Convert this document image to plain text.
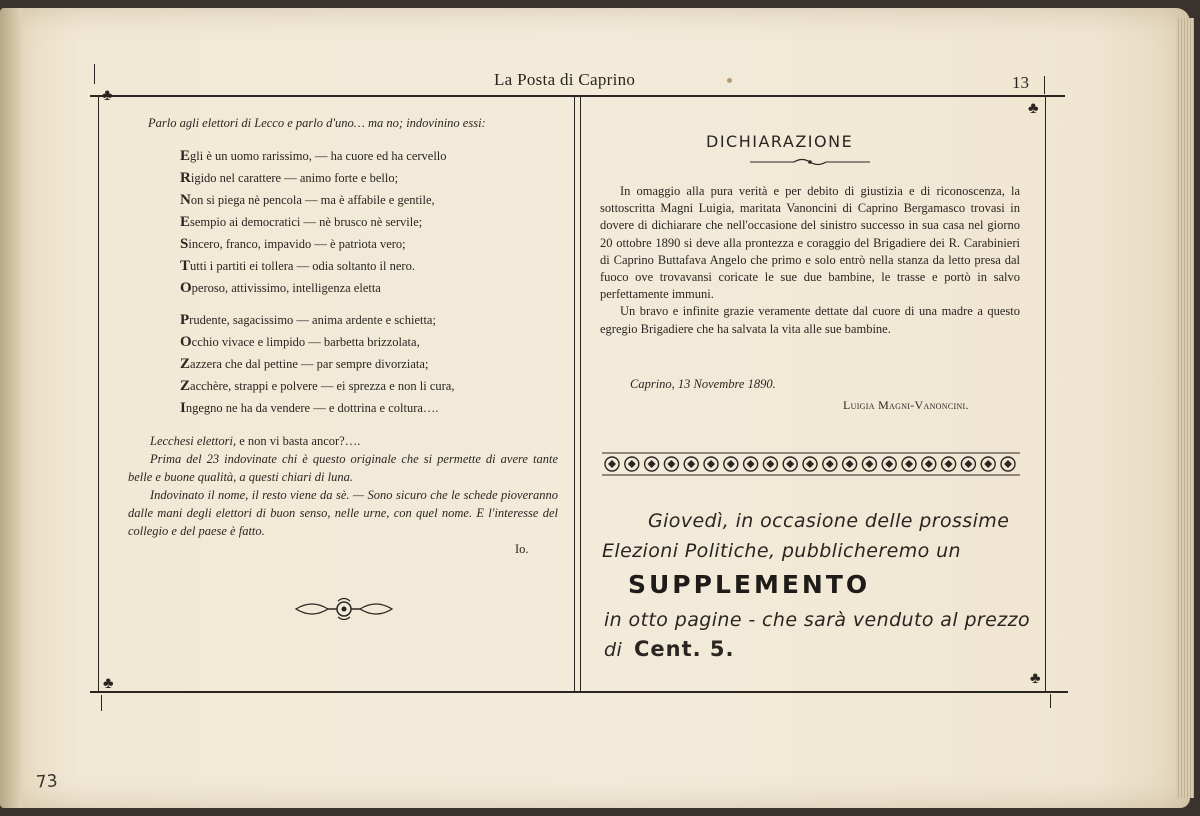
La Posta di Caprino	13
♣
♣
♣
♣
Parlo agli elettori di Lecco e parlo d'uno… ma no; indovinino essi:
Egli è un uomo rarissimo, — ha cuore ed ha cervello
Rigido nel carattere — animo forte e bello;
Non si piega nè pencola — ma è affabile e gentile,
Esempio ai democratici — nè brusco nè servile;
Sincero, franco, impavido — è patriota vero;
Tutti i partiti ei tollera — odia soltanto il nero.
Operoso, attivissimo, intelligenza eletta
Prudente, sagacissimo — anima ardente e schietta;
Occhio vivace e limpido — barbetta brizzolata,
Zazzera che dal pettine — par sempre divorziata;
Zacchère, strappi e polvere — ei sprezza e non li cura,
Ingegno ne ha da vendere — e dottrina e coltura….
Lecchesi elettori, e non vi basta ancor?….
Prima del 23 indovinate chi è questo originale che si permette di avere tante belle e buone qualità, a questi chiari di luna.
Indovinato il nome, il resto viene da sè. — Sono sicuro che le schede pioveranno dalle mani degli elettori di buon senso, nelle urne, con quel nome. E l'interesse del collegio e del paese è fatto.
Io.
DICHIARAZIONE

In omaggio alla pura verità e per debito di giustizia e di riconoscenza, la sottoscritta Magni Luigia, maritata Vanoncini di Caprino Bergamasco trovasi in dovere di dichiarare che nell'occasione del sinistro successo in sua casa nel giorno 20 ottobre 1890 si deve alla prontezza e coraggio del Brigadiere dei R. Carabinieri di Caprino Buttafava Angelo che primo e solo entrò nella stanza da letto presa dal fuoco ove trovavansi coricate le sue due bambine, le trasse e portò in salvo perfettamente immuni.

Un bravo e infinite grazie veramente dettate dal cuore di una madre a questo egregio Brigadiere che ha salvata la vita alle sue bambine.

Caprino, 13 Novembre 1890.
Luigia Magni-Vanoncini.
Giovedì, in occasione delle prossime
Elezioni Politiche, pubblicheremo un
SUPPLEMENTO
in otto pagine - che sarà venduto al prezzo
di Cent. 5.
73
